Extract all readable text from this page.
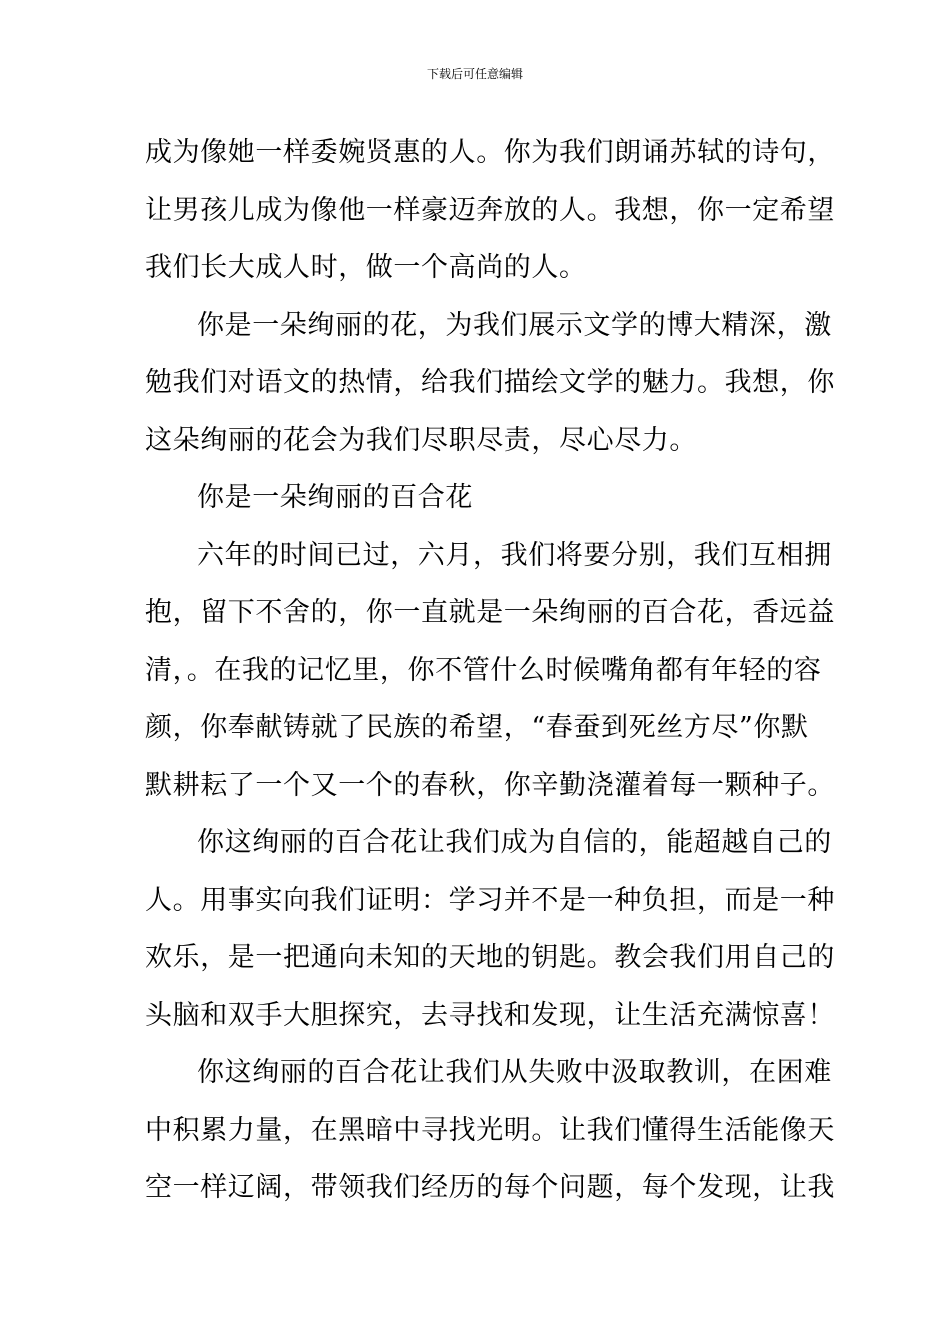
下载后可任意编辑
成为像她一样委婉贤惠的人。你为我们朗诵苏轼的诗句，
让男孩儿成为像他一样豪迈奔放的人。我想，你一定希望
我们长大成人时，做一个高尚的人。
你是一朵绚丽的花，为我们展示文学的博大精深，激
勉我们对语文的热情，给我们描绘文学的魅力。我想，你
这朵绚丽的花会为我们尽职尽责，尽心尽力。
你是一朵绚丽的百合花
六年的时间已过，六月，我们将要分别，我们互相拥
抱，留下不舍的，你一直就是一朵绚丽的百合花，香远益
清，。在我的记忆里，你不管什么时候嘴角都有年轻的容
颜，你奉献铸就了民族的希望，“春蚕到死丝方尽”你默
默耕耘了一个又一个的春秋，你辛勤浇灌着每一颗种子。
你这绚丽的百合花让我们成为自信的，能超越自己的
人。用事实向我们证明：学习并不是一种负担，而是一种
欢乐，是一把通向未知的天地的钥匙。教会我们用自己的
头脑和双手大胆探究，去寻找和发现，让生活充满惊喜！
你这绚丽的百合花让我们从失败中汲取教训，在困难
中积累力量，在黑暗中寻找光明。让我们懂得生活能像天
空一样辽阔，带领我们经历的每个问题，每个发现，让我
